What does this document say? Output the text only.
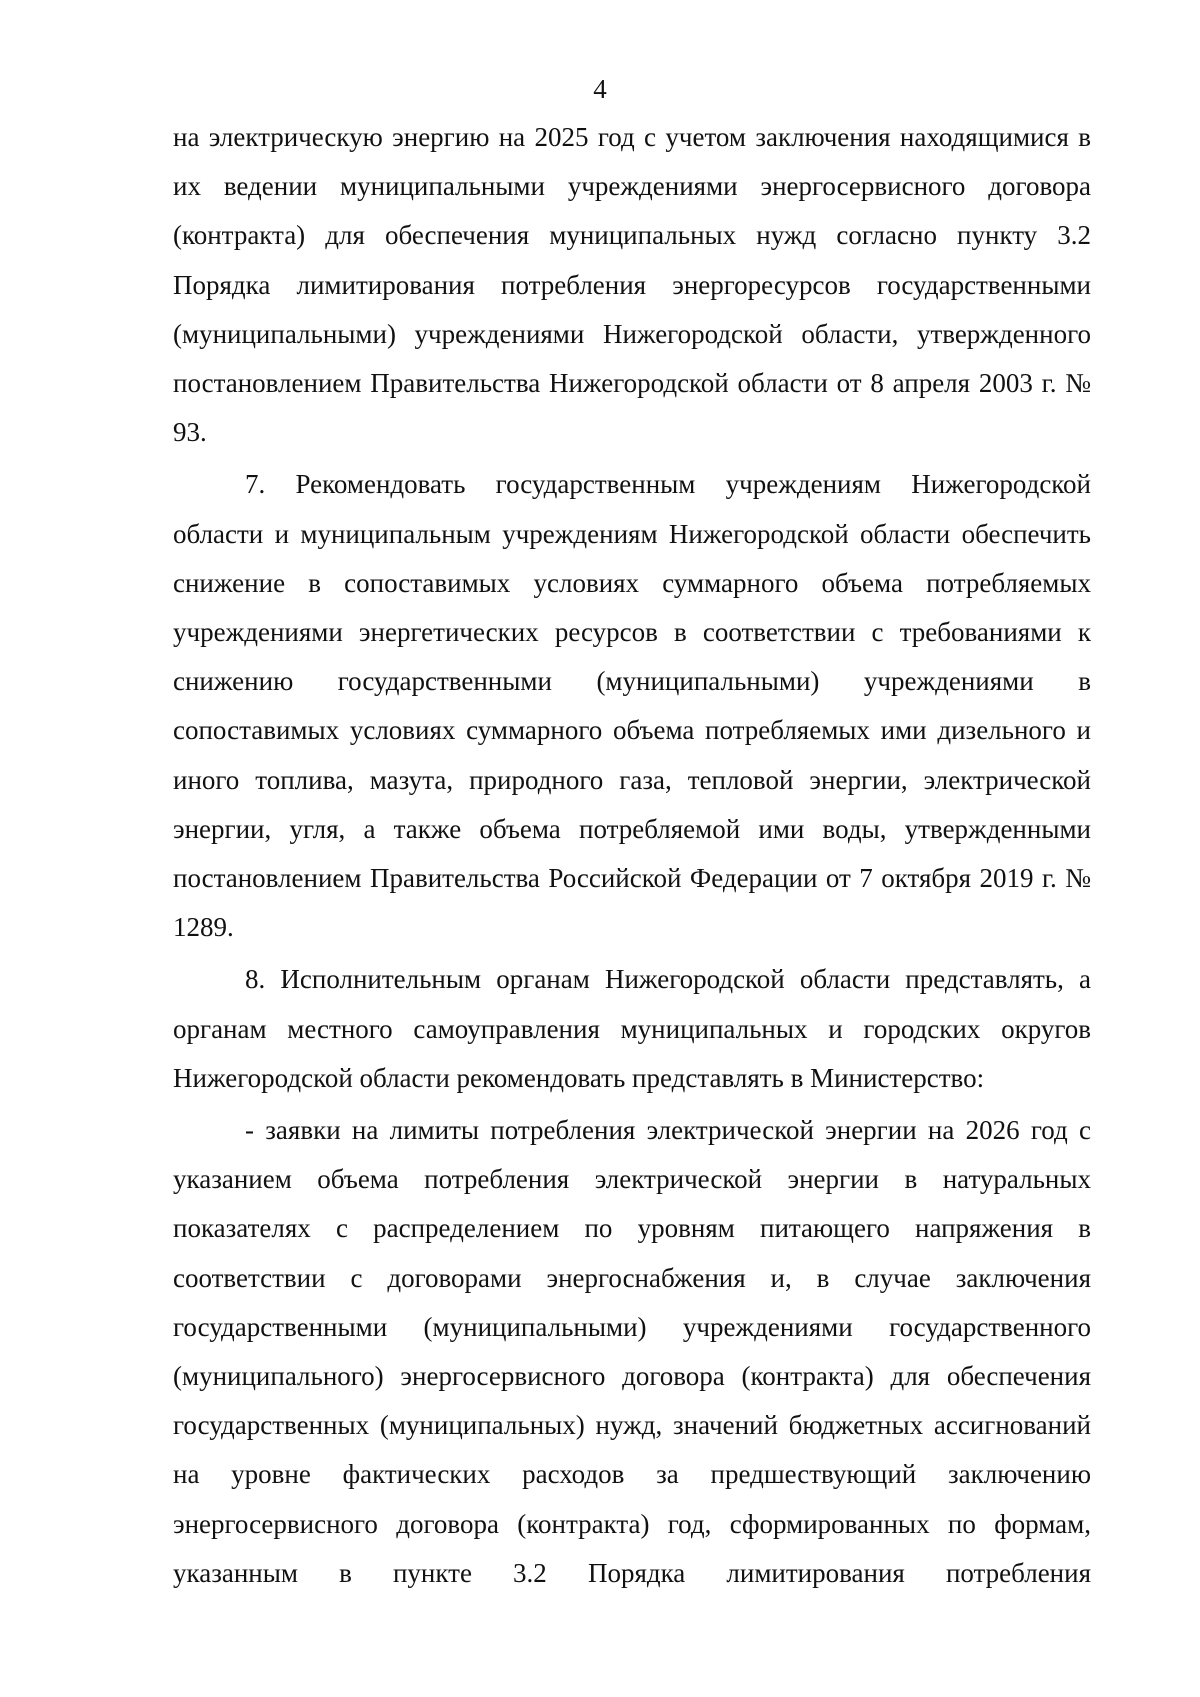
4

на электрическую энергию на 2025 год с учетом заключения находящимися в их ведении муниципальными учреждениями энергосервисного договора (контракта) для обеспечения муниципальных нужд согласно пункту 3.2 Порядка лимитирования потребления энергоресурсов государственными (муниципальными) учреждениями Нижегородской области, утвержденного постановлением Правительства Нижегородской области от 8 апреля 2003 г. № 93.

7. Рекомендовать государственным учреждениям Нижегородской области и муниципальным учреждениям Нижегородской области обеспечить снижение в сопоставимых условиях суммарного объема потребляемых учреждениями энергетических ресурсов в соответствии с требованиями к снижению государственными (муниципальными) учреждениями в сопоставимых условиях суммарного объема потребляемых ими дизельного и иного топлива, мазута, природного газа, тепловой энергии, электрической энергии, угля, а также объема потребляемой ими воды, утвержденными постановлением Правительства Российской Федерации от 7 октября 2019 г. № 1289.

8. Исполнительным органам Нижегородской области представлять, а органам местного самоуправления муниципальных и городских округов Нижегородской области рекомендовать представлять в Министерство:

- заявки на лимиты потребления электрической энергии на 2026 год с указанием объема потребления электрической энергии в натуральных показателях с распределением по уровням питающего напряжения в соответствии с договорами энергоснабжения и, в случае заключения государственными (муниципальными) учреждениями государственного (муниципального) энергосервисного договора (контракта) для обеспечения государственных (муниципальных) нужд, значений бюджетных ассигнований на уровне фактических расходов за предшествующий заключению энергосервисного договора (контракта) год, сформированных по формам, указанным в пункте 3.2 Порядка лимитирования потребления
